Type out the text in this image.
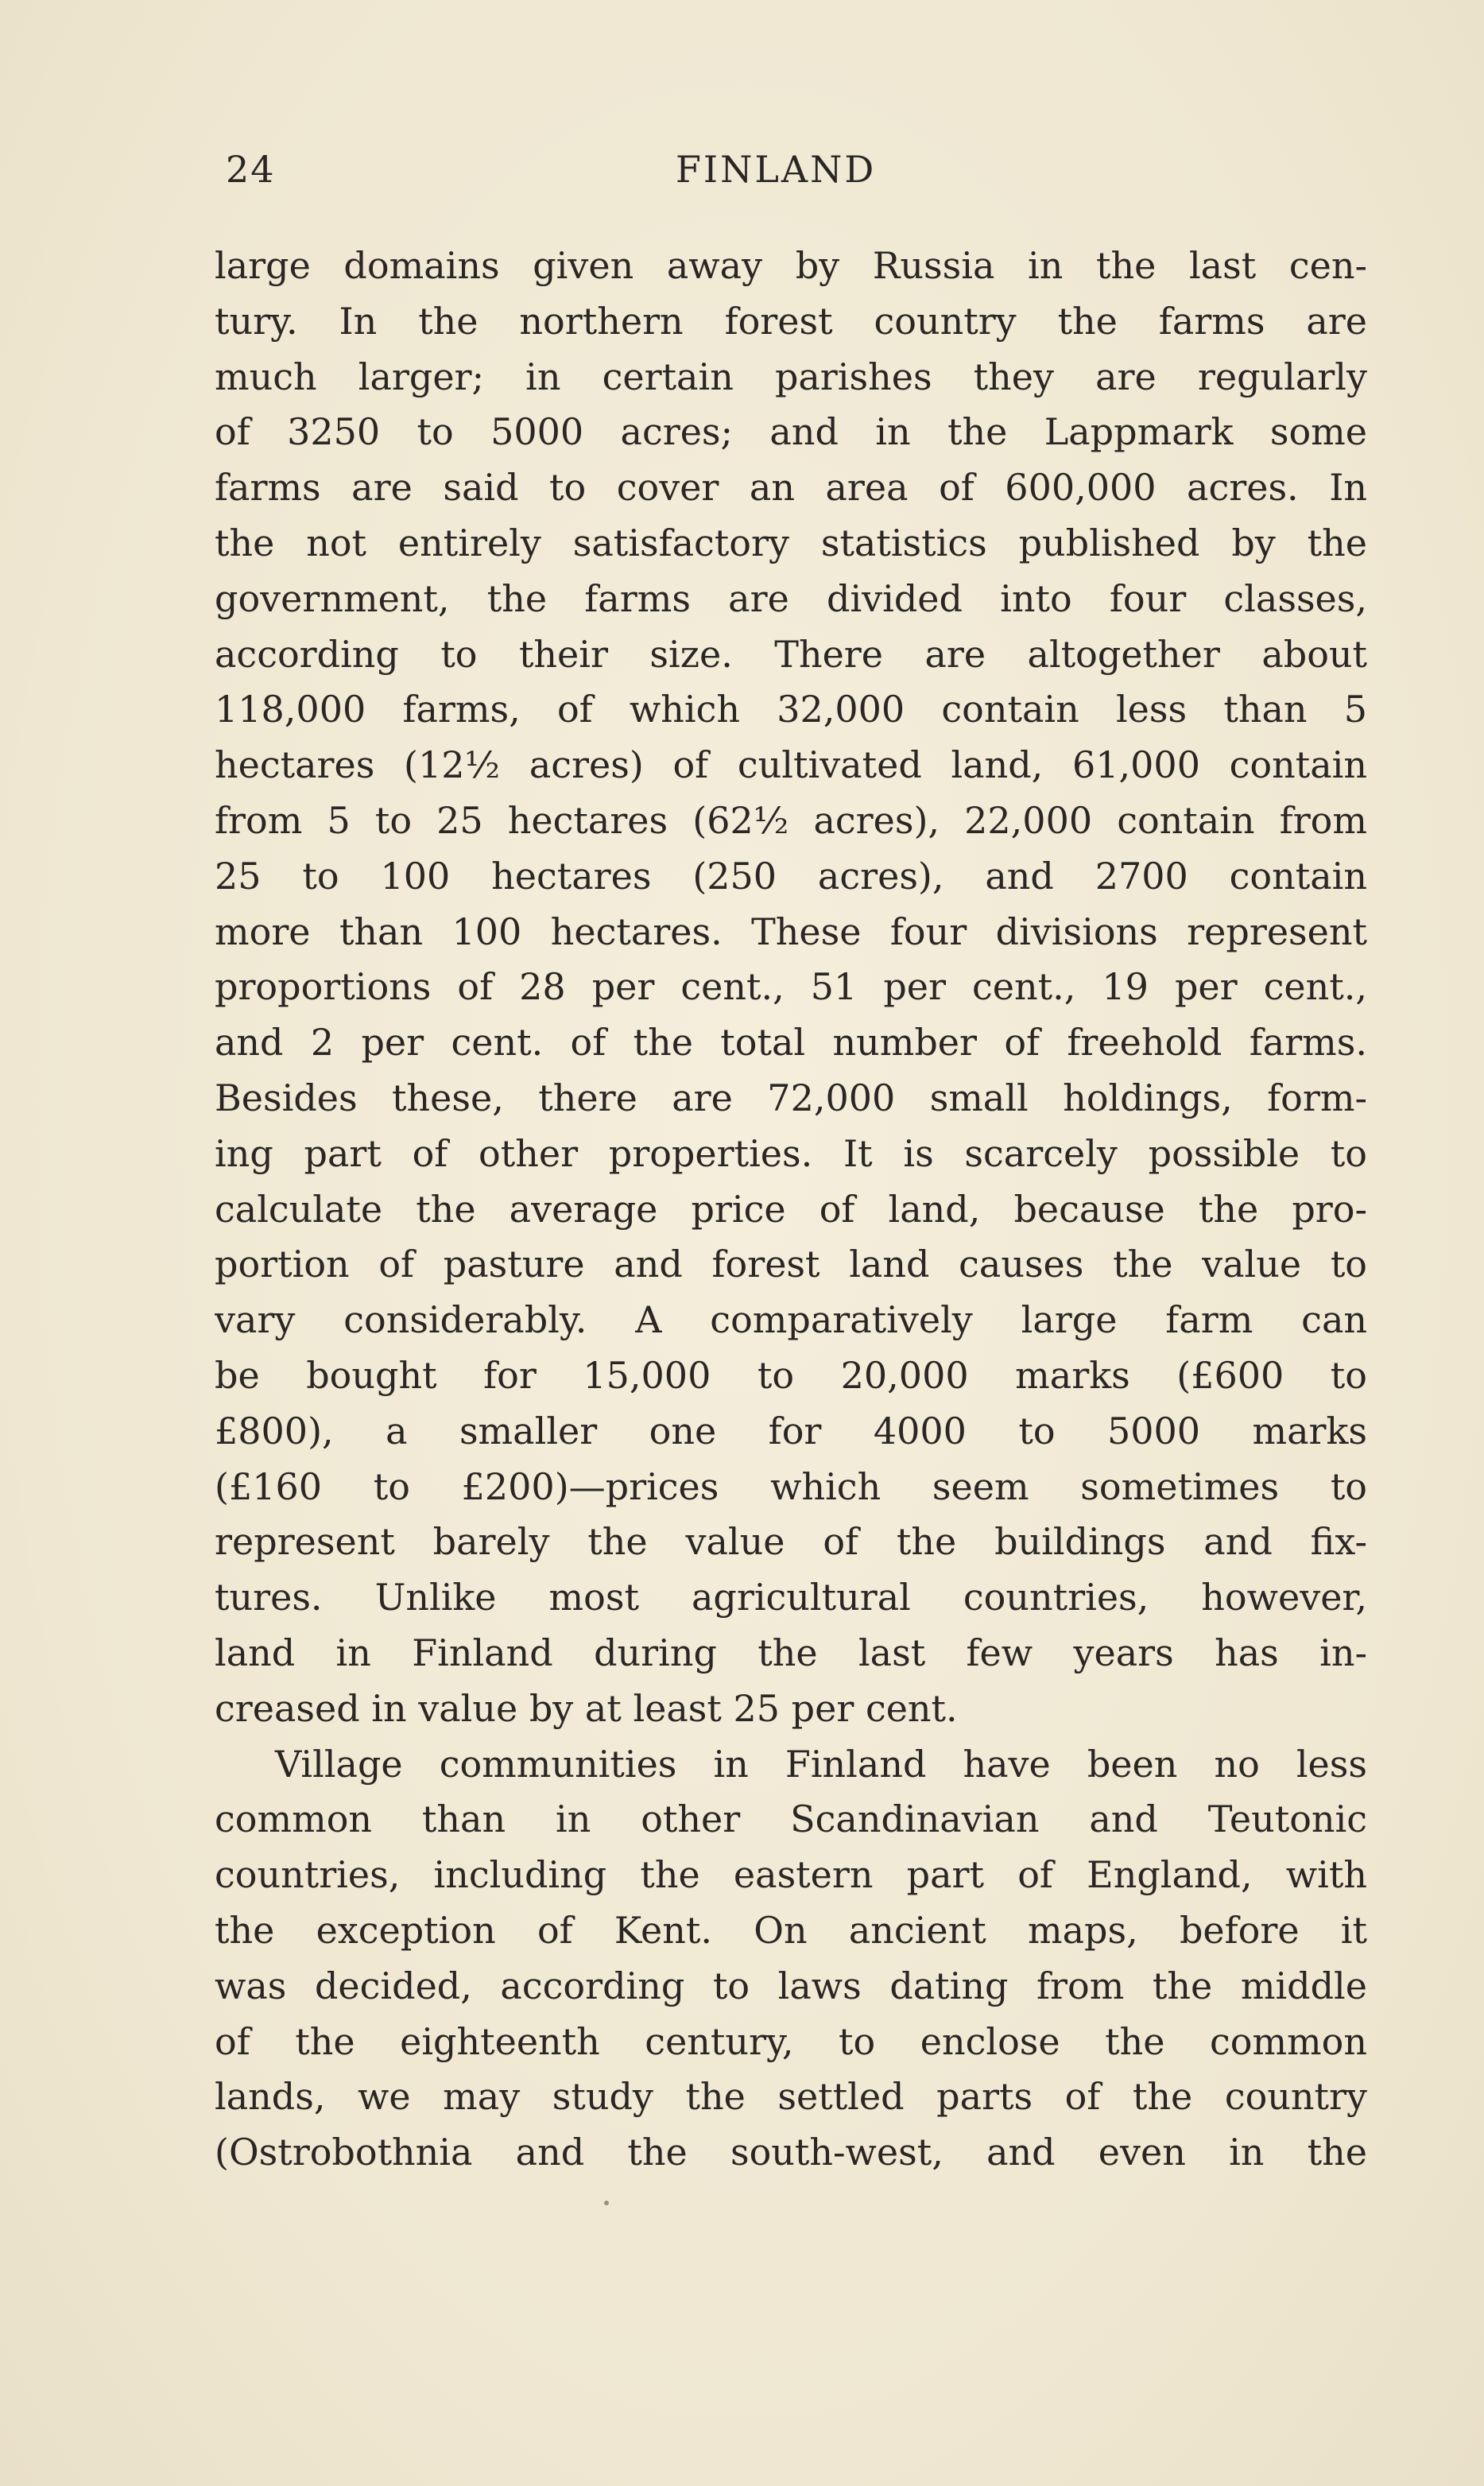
24	FINLAND
large domains given away by Russia in the last cen-
tury. In the northern forest country the farms are
much larger; in certain parishes they are regularly
of 3250 to 5000 acres; and in the Lappmark some
farms are said to cover an area of 600,000 acres. In
the not entirely satisfactory statistics published by the
government, the farms are divided into four classes,
according to their size. There are altogether about
118,000 farms, of which 32,000 contain less than 5
hectares (12½ acres) of cultivated land, 61,000 contain
from 5 to 25 hectares (62½ acres), 22,000 contain from
25 to 100 hectares (250 acres), and 2700 contain
more than 100 hectares. These four divisions represent
proportions of 28 per cent., 51 per cent., 19 per cent.,
and 2 per cent. of the total number of freehold farms.
Besides these, there are 72,000 small holdings, form-
ing part of other properties. It is scarcely possible to
calculate the average price of land, because the pro-
portion of pasture and forest land causes the value to
vary considerably. A comparatively large farm can
be bought for 15,000 to 20,000 marks (£600 to
£800), a smaller one for 4000 to 5000 marks
(£160 to £200)—prices which seem sometimes to
represent barely the value of the buildings and fix-
tures. Unlike most agricultural countries, however,
land in Finland during the last few years has in-
creased in value by at least 25 per cent.
Village communities in Finland have been no less
common than in other Scandinavian and Teutonic
countries, including the eastern part of England, with
the exception of Kent. On ancient maps, before it
was decided, according to laws dating from the middle
of the eighteenth century, to enclose the common
lands, we may study the settled parts of the country
(Ostrobothnia and the south-west, and even in the
